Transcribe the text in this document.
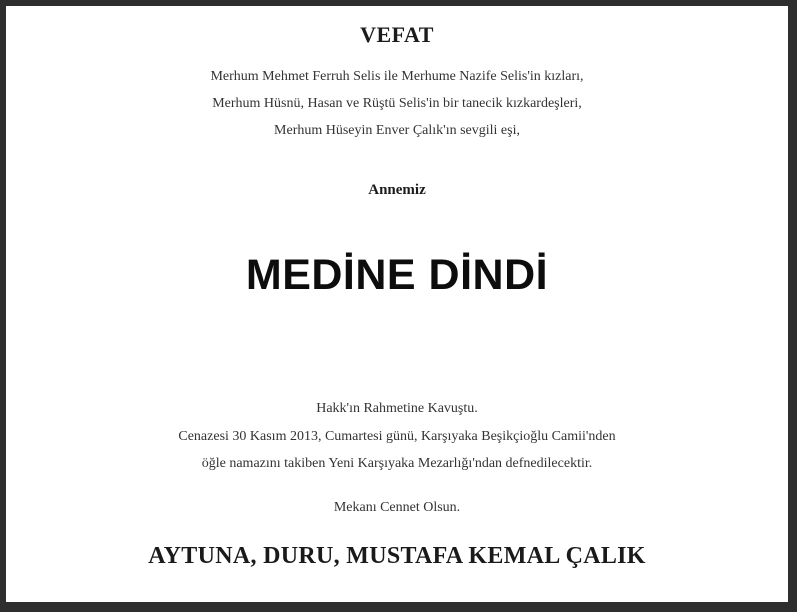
VEFAT
Merhum Mehmet Ferruh Selis ile Merhume Nazife Selis'in kızları,
Merhum Hüsnü, Hasan ve Rüştü Selis'in bir tanecik kızkardeşleri,
Merhum Hüseyin Enver Çalık'ın sevgili eşi,
Annemiz
MEDİNE DİNDİ
Hakk'ın Rahmetine Kavuştu.
Cenazesi 30 Kasım 2013, Cumartesi günü, Karşıyaka Beşikçioğlu Camii'nden
öğle namazını takiben Yeni Karşıyaka Mezarlığı'ndan defnedilecektir.
Mekanı Cennet Olsun.
AYTUNA, DURU, MUSTAFA KEMAL ÇALIK
